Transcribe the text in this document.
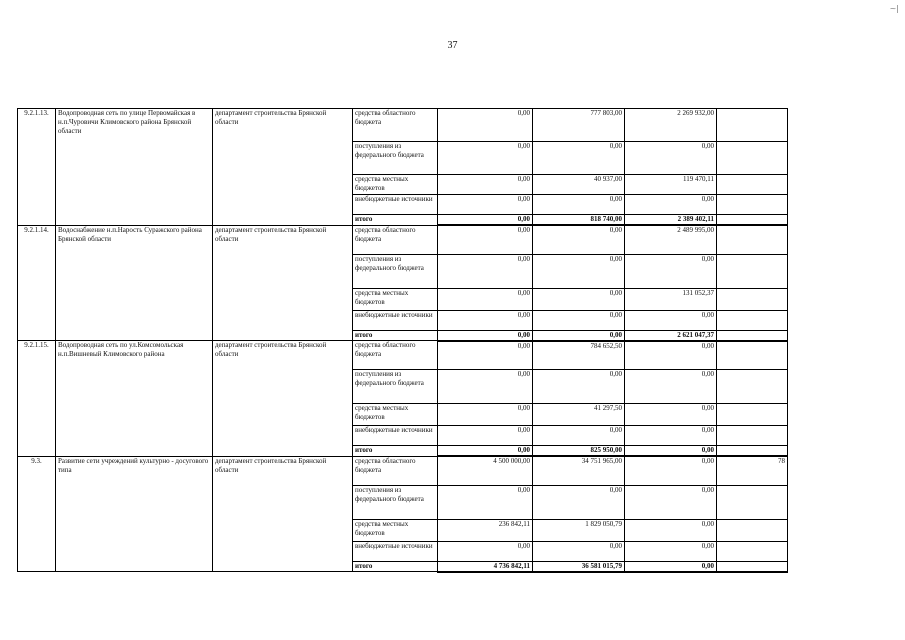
~|
37
9.2.1.13.	Водопроводная сеть по улице Первомайская в н.п.Чуровичи Климовского района Брянской области	департамент строительства Брянской области	средства областного бюджета	0,00	777 803,00	2 269 932,00	
			поступления из федерального бюджета	0,00	0,00	0,00	
			средства местных бюджетов	0,00	40 937,00	119 470,11	
			внебюджетные источники	0,00	0,00	0,00	
			итого	0,00	818 740,00	2 389 402,11	
9.2.1.14.	Водоснабжение н.п.Нарость Суражского района Брянской области	департамент строительства Брянской области	средства областного бюджета	0,00	0,00	2 489 995,00	
			поступления из федерального бюджета	0,00	0,00	0,00	
			средства местных бюджетов	0,00	0,00	131 052,37	
			внебюджетные источники	0,00	0,00	0,00	
			итого	0,00	0,00	2 621 047,37	
9.2.1.15.	Водопроводная сеть по ул.Комсомольская н.п.Вишневый Климовского района	департамент строительства Брянской области	средства областного бюджета	0,00	784 652,50	0,00	
			поступления из федерального бюджета	0,00	0,00	0,00	
			средства местных бюджетов	0,00	41 297,50	0,00	
			внебюджетные источники	0,00	0,00	0,00	
			итого	0,00	825 950,00	0,00	
9.3.	Развитие сети учреждений культурно - досугового типа	департамент строительства Брянской области	средства областного бюджета	4 500 000,00	34 751 965,00	0,00	78
			поступления из федерального бюджета	0,00	0,00	0,00	
			средства местных бюджетов	236 842,11	1 829 050,79	0,00	
			внебюджетные источники	0,00	0,00	0,00	
			итого	4 736 842,11	36 581 015,79	0,00	
